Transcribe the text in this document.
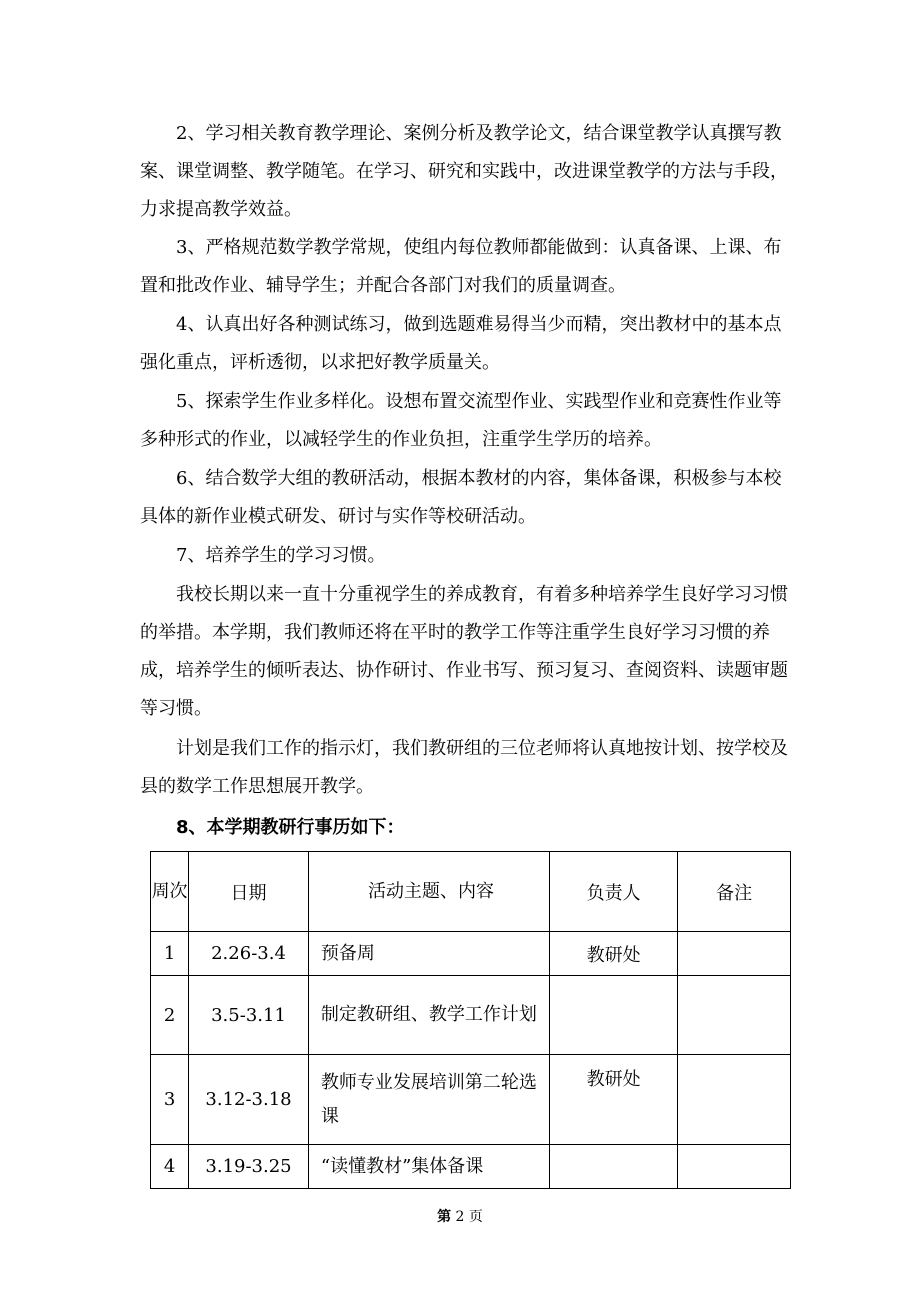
2、学习相关教育教学理论、案例分析及教学论文，结合课堂教学认真撰写教案、课堂调整、教学随笔。在学习、研究和实践中，改进课堂教学的方法与手段，力求提高教学效益。

3、严格规范数学教学常规，使组内每位教师都能做到：认真备课、上课、布置和批改作业、辅导学生；并配合各部门对我们的质量调查。

4、认真出好各种测试练习，做到选题难易得当少而精，突出教材中的基本点强化重点，评析透彻，以求把好教学质量关。

5、探索学生作业多样化。设想布置交流型作业、实践型作业和竞赛性作业等多种形式的作业，以减轻学生的作业负担，注重学生学历的培养。

6、结合数学大组的教研活动，根据本教材的内容，集体备课，积极参与本校具体的新作业模式研发、研讨与实作等校研活动。

7、培养学生的学习习惯。

我校长期以来一直十分重视学生的养成教育，有着多种培养学生良好学习习惯的举措。本学期，我们教师还将在平时的教学工作等注重学生良好学习习惯的养成，培养学生的倾听表达、协作研讨、作业书写、预习复习、查阅资料、读题审题等习惯。

计划是我们工作的指示灯，我们教研组的三位老师将认真地按计划、按学校及县的数学工作思想展开教学。

8、本学期教研行事历如下：

周次	日期	活动主题、内容	负责人	备注
1	2.26-3.4	预备周	教研处	
2	3.5-3.11	制定教研组、教学工作计划		
3	3.12-3.18	教师专业发展培训第二轮选课	教研处	
4	3.19-3.25	“读懂教材”集体备课		
第 2 页
